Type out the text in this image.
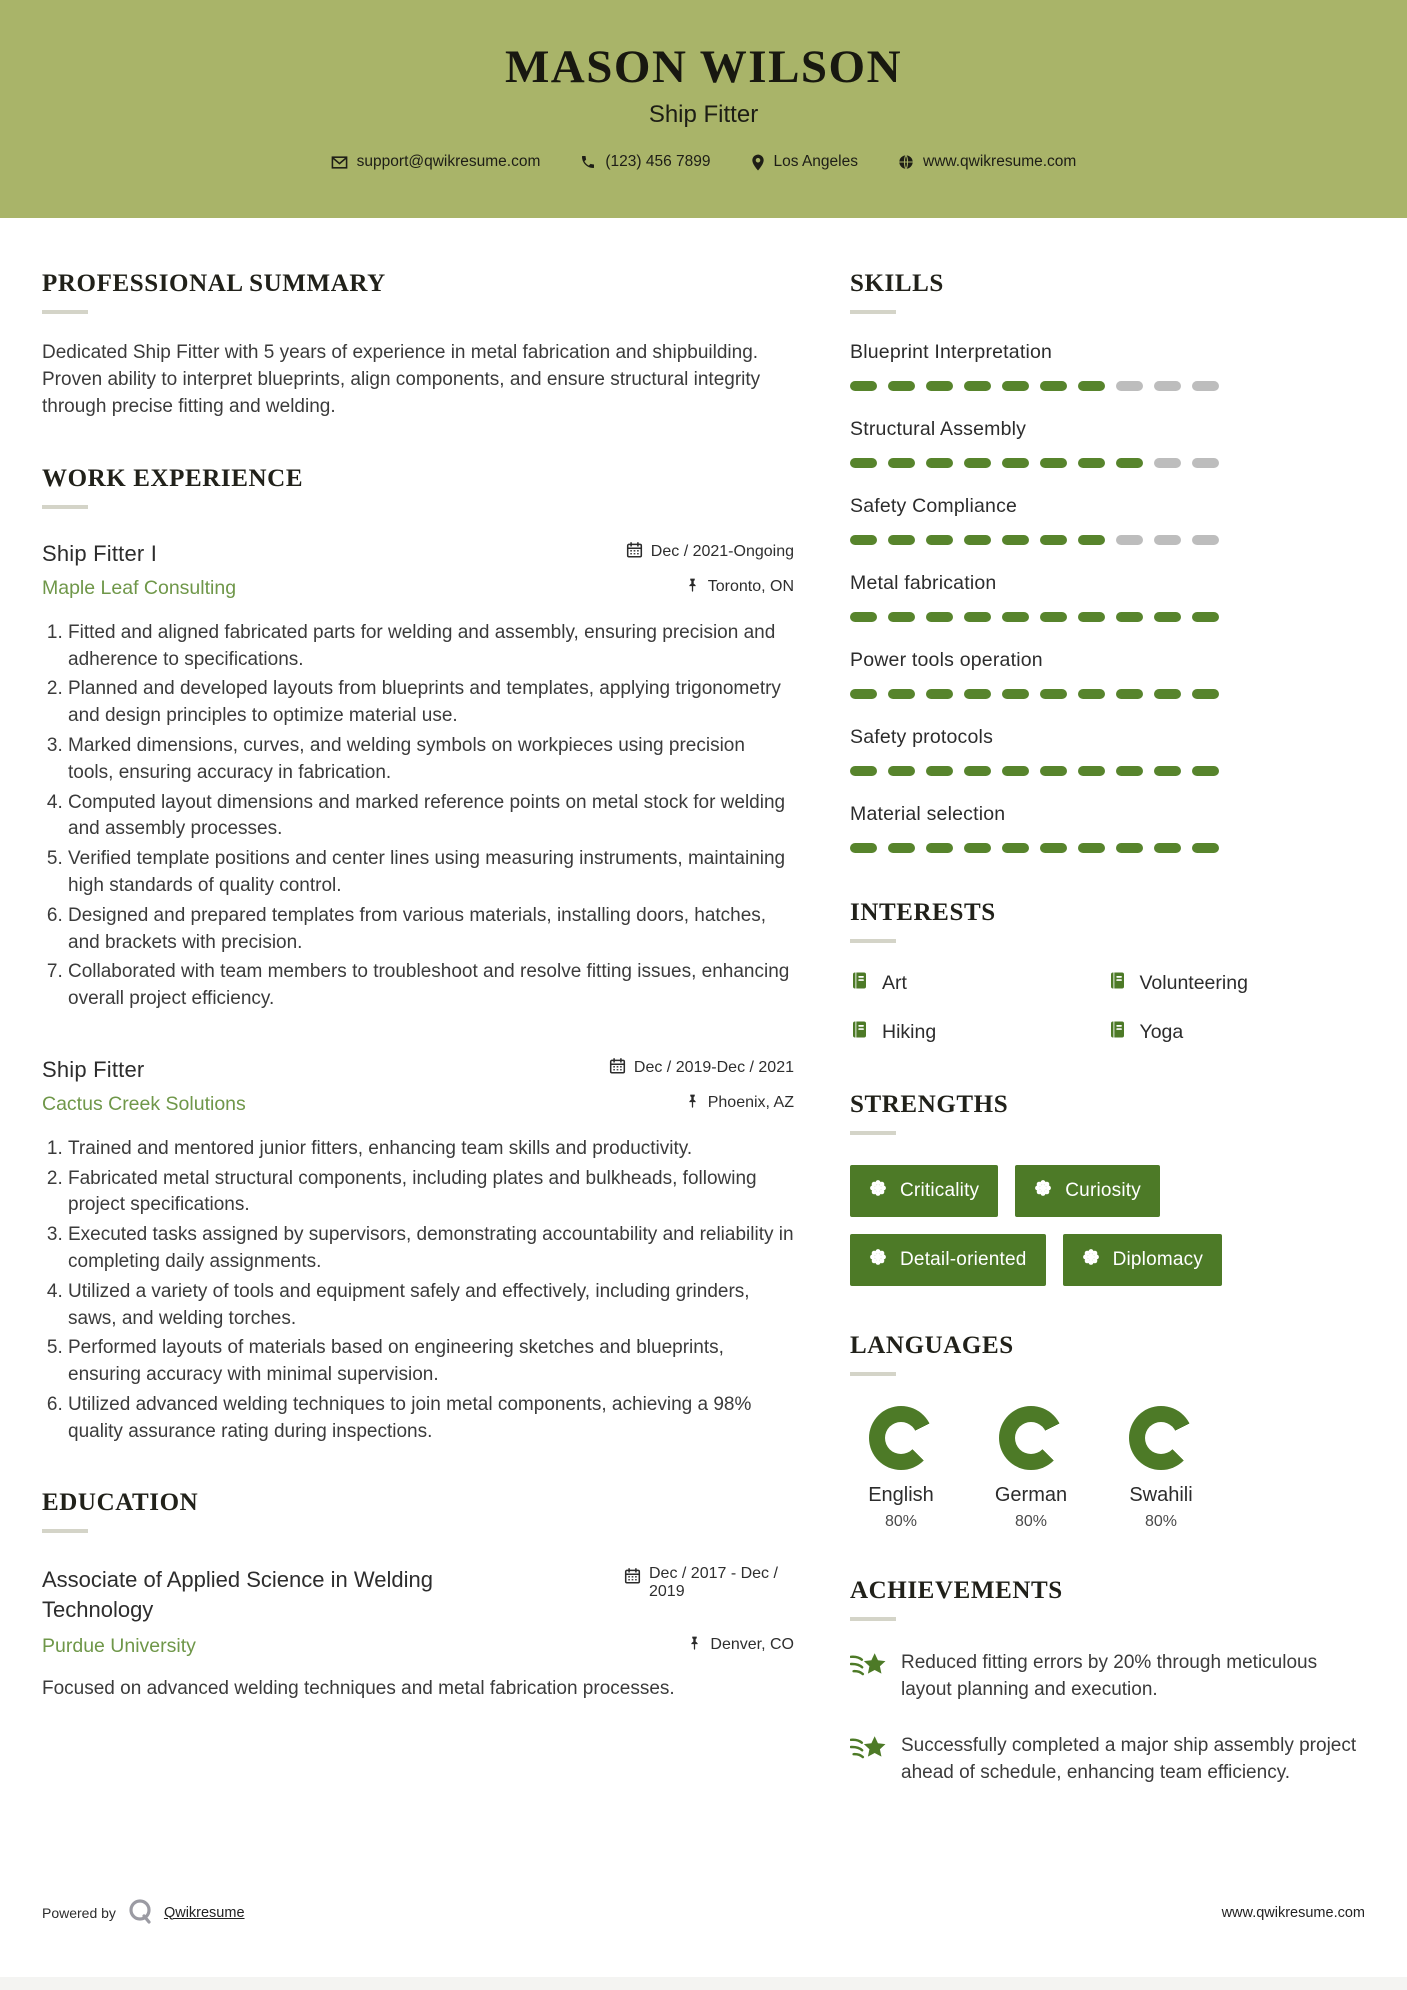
MASON WILSON
Ship Fitter
support@qwikresume.com	(123) 456 7899	Los Angeles	www.qwikresume.com
PROFESSIONAL SUMMARY

Dedicated Ship Fitter with 5 years of experience in metal fabrication and shipbuilding. Proven ability to interpret blueprints, align components, and ensure structural integrity through precise fitting and welding.

WORK EXPERIENCE
Ship Fitter I	Dec / 2021-Ongoing
Maple Leaf Consulting	Toronto, ON
1. Fitted and aligned fabricated parts for welding and assembly, ensuring precision and adherence to specifications.
2. Planned and developed layouts from blueprints and templates, applying trigonometry and design principles to optimize material use.
3. Marked dimensions, curves, and welding symbols on workpieces using precision tools, ensuring accuracy in fabrication.
4. Computed layout dimensions and marked reference points on metal stock for welding and assembly processes.
5. Verified template positions and center lines using measuring instruments, maintaining high standards of quality control.
6. Designed and prepared templates from various materials, installing doors, hatches, and brackets with precision.
7. Collaborated with team members to troubleshoot and resolve fitting issues, enhancing overall project efficiency.
Ship Fitter	Dec / 2019-Dec / 2021
Cactus Creek Solutions	Phoenix, AZ
1. Trained and mentored junior fitters, enhancing team skills and productivity.
2. Fabricated metal structural components, including plates and bulkheads, following project specifications.
3. Executed tasks assigned by supervisors, demonstrating accountability and reliability in completing daily assignments.
4. Utilized a variety of tools and equipment safely and effectively, including grinders, saws, and welding torches.
5. Performed layouts of materials based on engineering sketches and blueprints, ensuring accuracy with minimal supervision.
6. Utilized advanced welding techniques to join metal components, achieving a 98% quality assurance rating during inspections.
EDUCATION
Associate of Applied Science in Welding Technology
Dec / 2017 - Dec / 2019
Purdue University	Denver, CO

Focused on advanced welding techniques and metal fabrication processes.

SKILLS
Blueprint Interpretation
Structural Assembly
Safety Compliance
Metal fabrication
Power tools operation
Safety protocols
Material selection
INTERESTS
Art	Volunteering
Hiking	Yoga
STRENGTHS
Criticality	Curiosity
Detail-oriented	Diplomacy
LANGUAGES
English
80%
German
80%
Swahili
80%
ACHIEVEMENTS
Reduced fitting errors by 20% through meticulous layout planning and execution.
Successfully completed a major ship assembly project ahead of schedule, enhancing team efficiency.
Powered by	Qwikresume	www.qwikresume.com
